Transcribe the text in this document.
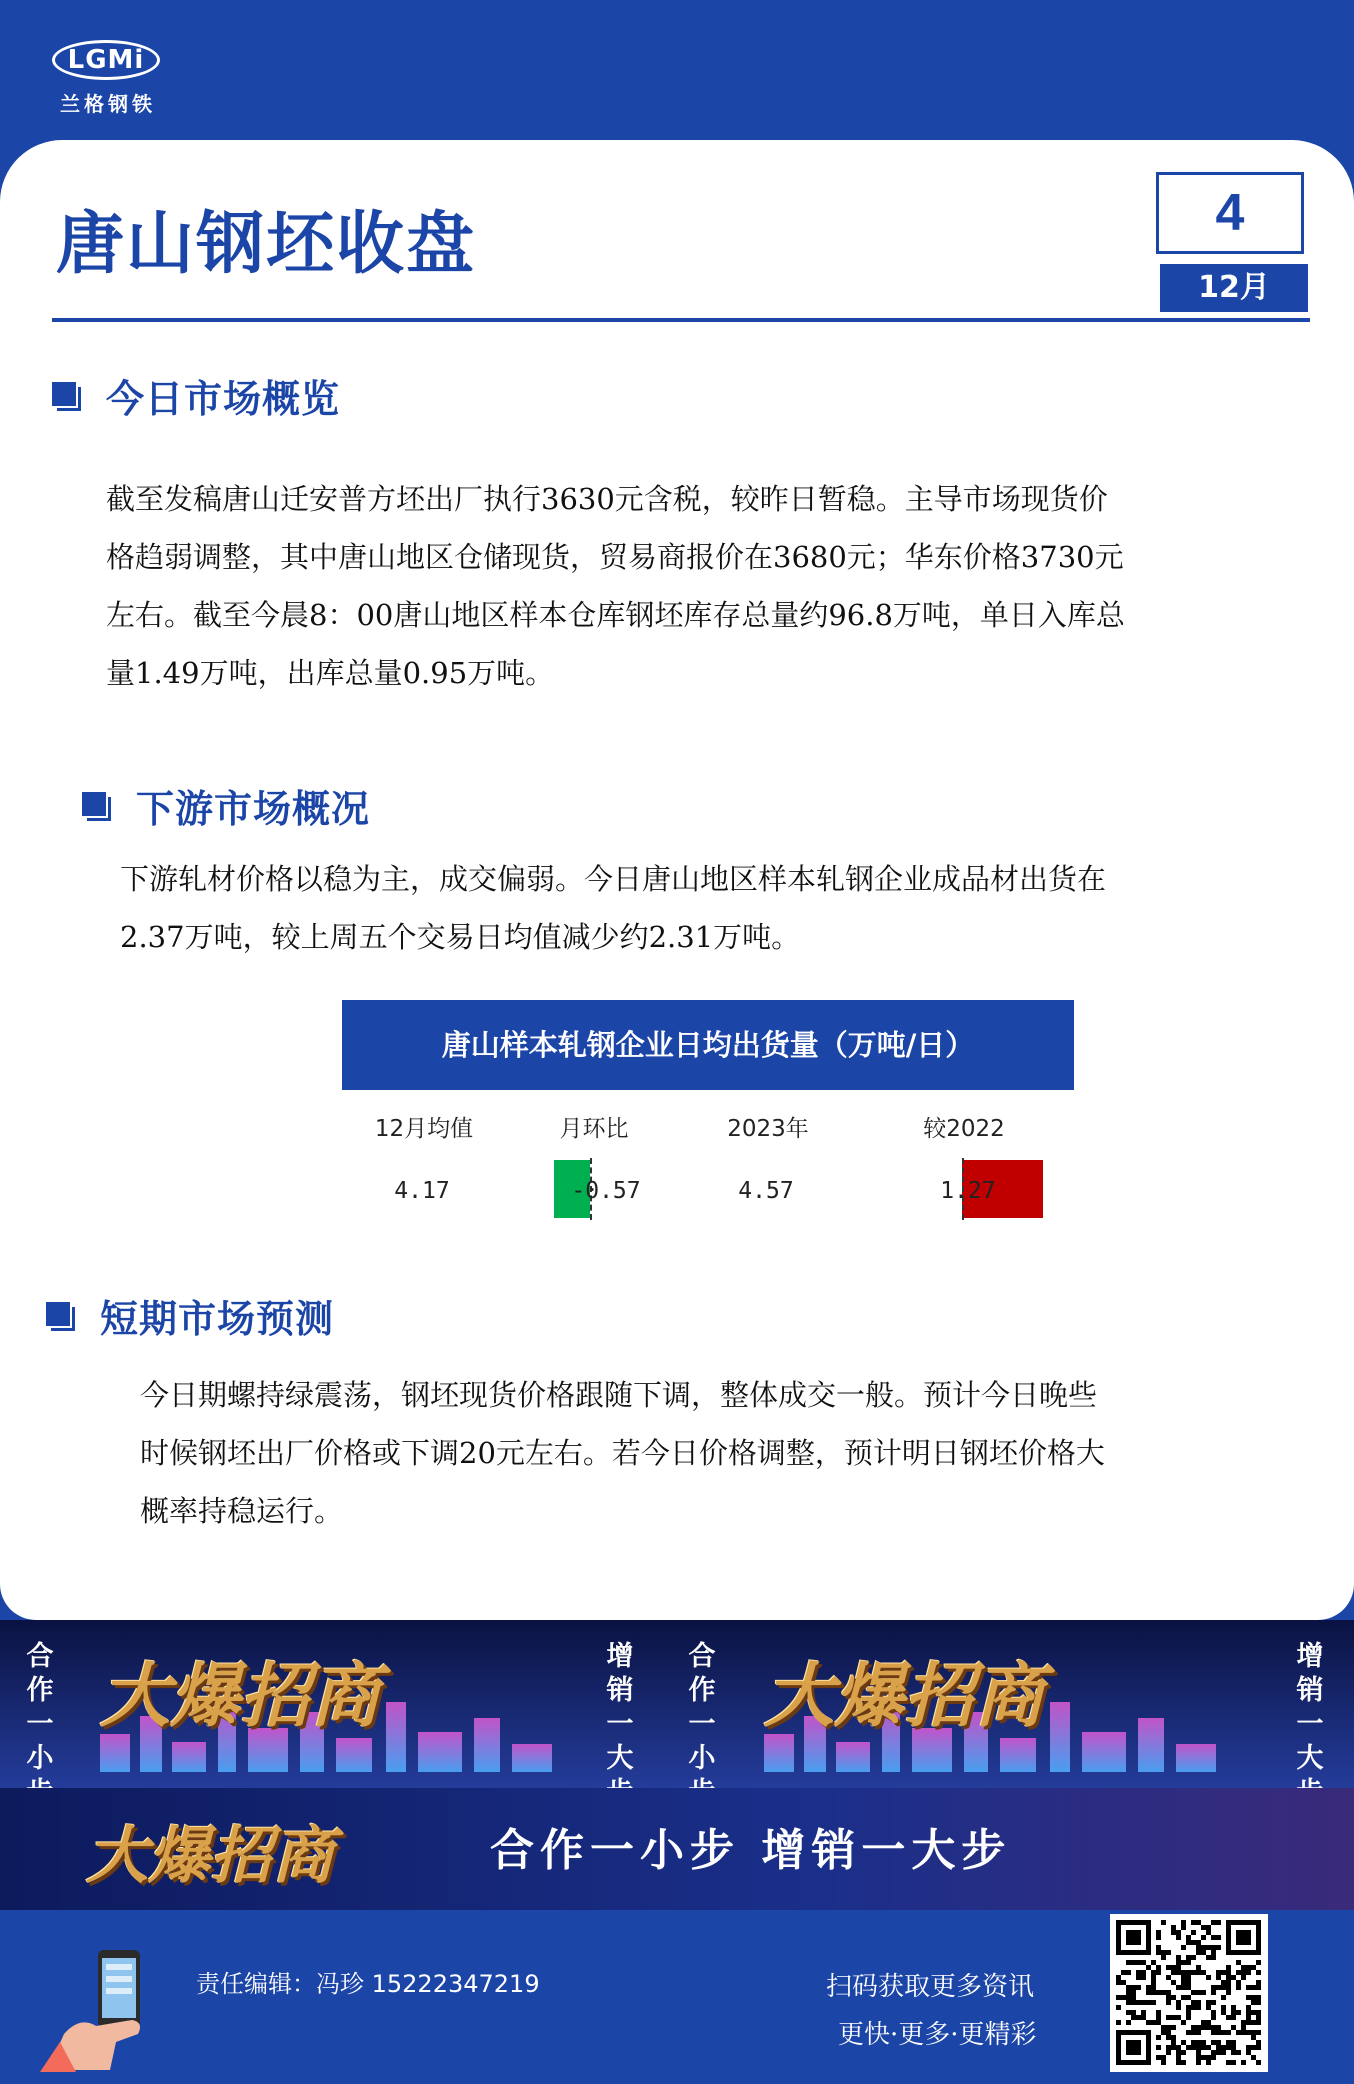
LGMi
兰格钢铁
唐山钢坯收盘	4
12月
今日市场概览
截至发稿唐山迁安普方坯出厂执行3630元含税，较昨日暂稳。主导市场现货价
格趋弱调整，其中唐山地区仓储现货，贸易商报价在3680元；华东价格3730元
左右。截至今晨8：00唐山地区样本仓库钢坯库存总量约96.8万吨，单日入库总
量1.49万吨，出库总量0.95万吨。
下游市场概况
下游轧材价格以稳为主，成交偏弱。今日唐山地区样本轧钢企业成品材出货在
2.37万吨，较上周五个交易日均值减少约2.31万吨。
唐山样本轧钢企业日均出货量（万吨/日）
12月均值	月环比	2023年	较2022
4.17	-0.57	4.57	1.27
短期市场预测
今日期螺持绿震荡，钢坯现货价格跟随下调，整体成交一般。预计今日晚些
时候钢坯出厂价格或下调20元左右。若今日价格调整，预计明日钢坯价格大
概率持稳运行。
合作一小
大爆招商	增销一大
合作一小
大爆招商	增销一大
大爆招商	合作一小步 增销一大步
责任编辑：冯珍 15222347219	扫码获取更多资讯
更快·更多·更精彩
